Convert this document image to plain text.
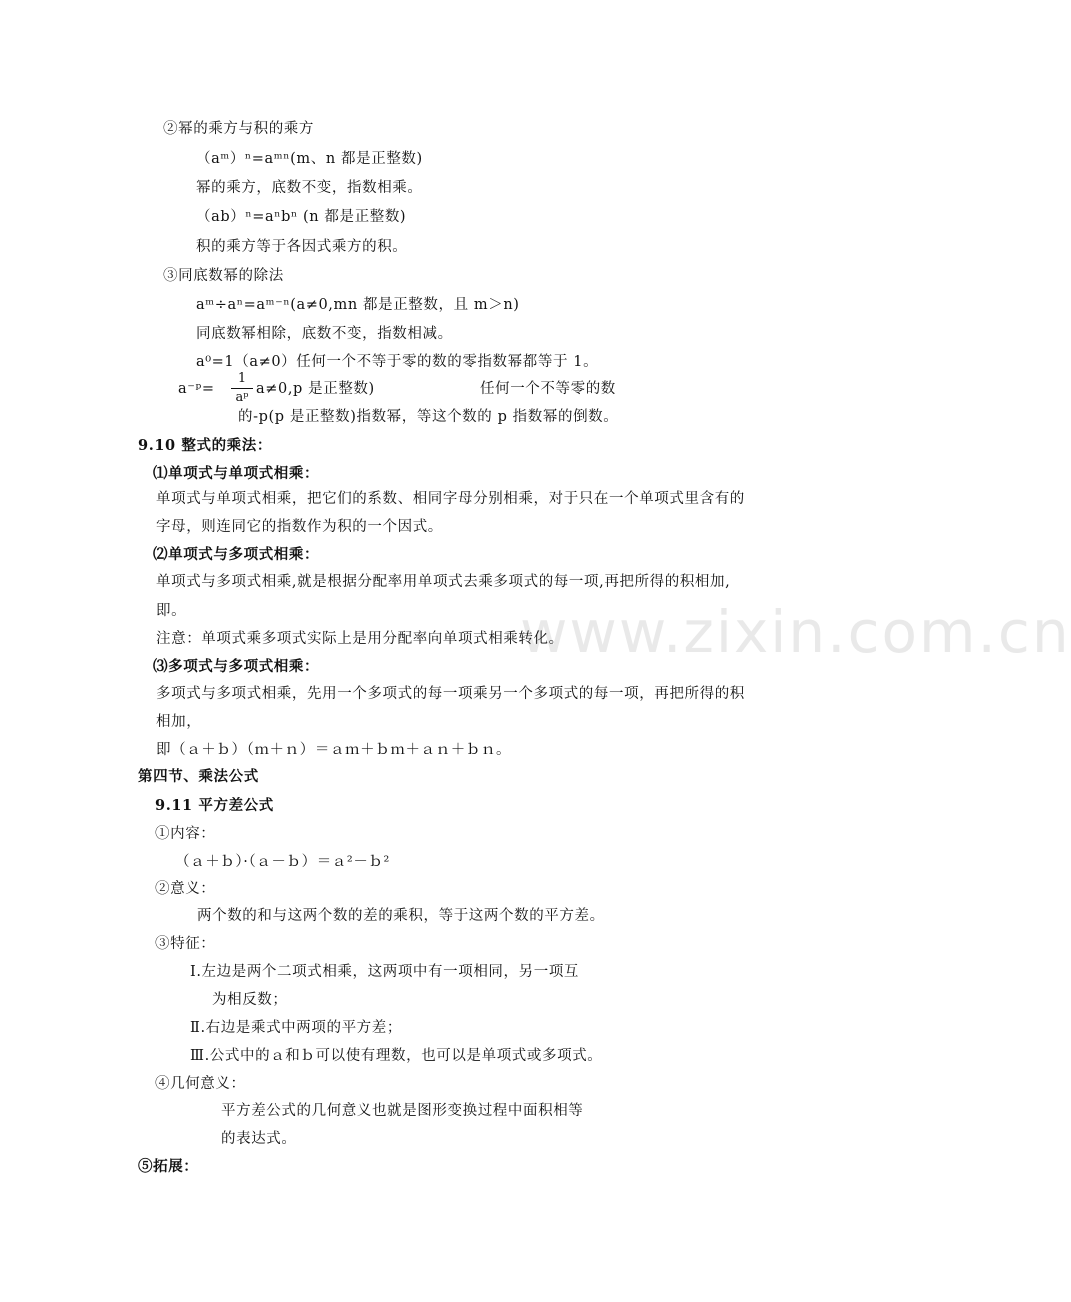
www.zixin.com.cn
②幂的乘方与积的乘方
（aᵐ）ⁿ=aᵐⁿ(m、n 都是正整数)
幂的乘方，底数不变，指数相乘。
（ab）ⁿ=aⁿbⁿ (n 都是正整数)
积的乘方等于各因式乘方的积。
③同底数幂的除法
aᵐ÷aⁿ=aᵐ⁻ⁿ(a≠0,mn 都是正整数，且 m＞n)
同底数幂相除，底数不变，指数相减。
a⁰=1（a≠0）任何一个不等于零的数的零指数幂都等于 1。
a⁻ᵖ=	a≠0,p 是正整数)	任何一个不等零的数
的-p(p 是正整数)指数幂，等这个数的 p 指数幂的倒数。
9.10 整式的乘法：
⑴单项式与单项式相乘：
单项式与单项式相乘，把它们的系数、相同字母分别相乘，对于只在一个单项式里含有的
字母，则连同它的指数作为积的一个因式。
⑵单项式与多项式相乘：
单项式与多项式相乘,就是根据分配率用单项式去乘多项式的每一项,再把所得的积相加,
即。
注意：单项式乘多项式实际上是用分配率向单项式相乘转化。
⑶多项式与多项式相乘：
多项式与多项式相乘，先用一个多项式的每一项乘另一个多项式的每一项，再把所得的积
相加，
即（ａ＋ｂ）（ｍ＋ｎ）＝ａｍ＋ｂｍ＋ａｎ＋ｂｎ。
第四节、乘法公式
9.11 平方差公式
①内容：
（ａ＋ｂ）·（ａ－ｂ）＝ａ²－ｂ²
②意义：
两个数的和与这两个数的差的乘积，等于这两个数的平方差。
③特征：
Ⅰ.左边是两个二项式相乘，这两项中有一项相同，另一项互
为相反数；
Ⅱ.右边是乘式中两项的平方差；
Ⅲ.公式中的ａ和ｂ可以使有理数，也可以是单项式或多项式。
④几何意义：
平方差公式的几何意义也就是图形变换过程中面积相等
的表达式。
⑤拓展：
1
aᵖ
